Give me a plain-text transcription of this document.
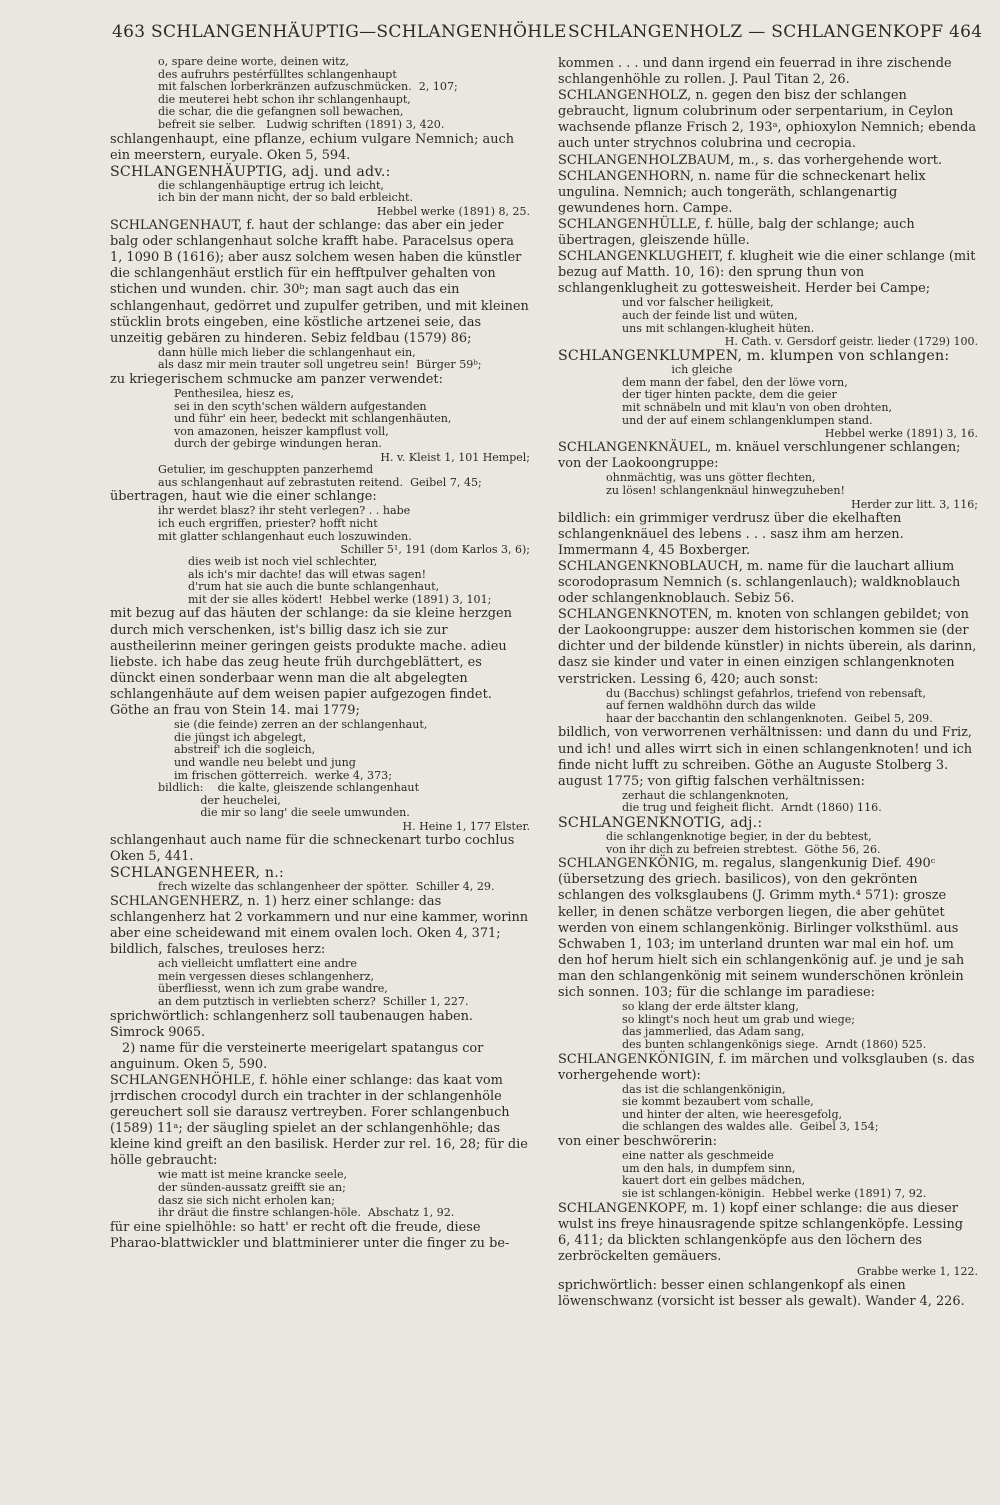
463 SCHLANGENHÄUPTIG—SCHLANGENHÖHLE SCHLANGENHOLZ — SCHLANGENKOPF 464
o, spare deine worte, deinen witz,
des aufruhrs pestérfülltes schlangenhaupt
mit falschen lorberkränzen aufzuschmücken.  2, 107;
die meuterei hebt schon ihr schlangenhaupt,
die schar, die die gefangnen soll bewachen,
befreit sie selber.   Ludwig schriften (1891) 3, 420.

schlangenhaupt, eine pflanze, echium vulgare Nemnich; auch ein meerstern, euryale. Oken 5, 594.

SCHLANGENHÄUPTIG, adj. und adv.:

die schlangenhäuptige ertrug ich leicht,
ich bin der mann nicht, der so bald erbleicht.

Hebbel werke (1891) 8, 25.

SCHLANGENHAUT, f. haut der schlange: das aber ein jeder balg oder schlangenhaut solche krafft habe. Paracelsus opera 1, 1090 B (1616); aber ausz solchem wesen haben die künstler die schlangenhäut erstlich für ein hefftpulver gehalten von stichen und wunden. chir. 30ᵇ; man sagt auch das ein schlangenhaut, gedörret und zupulfer getriben, und mit kleinen stücklin brots eingeben, eine köstliche artzenei seie, das unzeitig gebären zu hinderen. Sebiz feldbau (1579) 86;

dann hülle mich lieber die schlangenhaut ein,
als dasz mir mein trauter soll ungetreu sein!  Bürger 59ᵇ;

zu kriegerischem schmucke am panzer verwendet:

Penthesilea, hiesz es,
sei in den scyth'schen wäldern aufgestanden
und führ' ein heer, bedeckt mit schlangenhäuten,
von amazonen, heiszer kampflust voll,
durch der gebirge windungen heran.

H. v. Kleist 1, 101 Hempel;

Getulier, im geschuppten panzerhemd
aus schlangenhaut auf zebrastuten reitend.  Geibel 7, 45;

übertragen, haut wie die einer schlange:

ihr werdet blasz? ihr steht verlegen? . . habe
ich euch ergriffen, priester? hofft nicht
mit glatter schlangenhaut euch loszuwinden.

Schiller 5¹, 191 (dom Karlos 3, 6);

dies weib ist noch viel schlechter,
als ich's mir dachte! das will etwas sagen!
d'rum hat sie auch die bunte schlangenhaut,
mit der sie alles ködert!  Hebbel werke (1891) 3, 101;

mit bezug auf das häuten der schlange: da sie kleine herzgen durch mich verschenken, ist's billig dasz ich sie zur austheilerinn meiner geringen geists produkte mache. adieu liebste. ich habe das zeug heute früh durchgeblättert, es dünckt einen sonderbaar wenn man die alt abgelegten schlangenhäute auf dem weisen papier aufgezogen findet. Göthe an frau von Stein 14. mai 1779;

sie (die feinde) zerren an der schlangenhaut,
die jüngst ich abgelegt,
abstreif' ich die sogleich,
und wandle neu belebt und jung
im frischen götterreich.  werke 4, 373;
bildlich:    die kalte, gleiszende schlangenhaut
der heuchelei,
die mir so lang' die seele umwunden.

H. Heine 1, 177 Elster.

schlangenhaut auch name für die schneckenart turbo cochlus Oken 5, 441.

SCHLANGENHEER, n.:

frech wizelte das schlangenheer der spötter.  Schiller 4, 29.

SCHLANGENHERZ, n. 1) herz einer schlange: das schlangenherz hat 2 vorkammern und nur eine kammer, worinn aber eine scheidewand mit einem ovalen loch. Oken 4, 371; bildlich, falsches, treuloses herz:

ach vielleicht umflattert eine andre
mein vergessen dieses schlangenherz,
überfliesst, wenn ich zum grabe wandre,
an dem putztisch in verliebten scherz?  Schiller 1, 227.

sprichwörtlich: schlangenherz soll taubenaugen haben. Simrock 9065.

2) name für die versteinerte meerigelart spatangus cor anguinum. Oken 5, 590.

SCHLANGENHÖHLE, f. höhle einer schlange: das kaat vom jrrdischen crocodyl durch ein trachter in der schlangenhöle gereuchert soll sie darausz vertreyben. Forer schlangenbuch (1589) 11ᵃ; der säugling spielet an der schlangenhöhle; das kleine kind greift an den basilisk. Herder zur rel. 16, 28; für die hölle gebraucht:

wie matt ist meine krancke seele,
der sünden-aussatz greifft sie an;
dasz sie sich nicht erholen kan;
ihr dräut die finstre schlangen-höle.  Abschatz 1, 92.

für eine spielhöhle: so hatt' er recht oft die freude, diese Pharao-blattwickler und blattminierer unter die finger zu be-

kommen . . . und dann irgend ein feuerrad in ihre zischende schlangenhöhle zu rollen. J. Paul Titan 2, 26.

SCHLANGENHOLZ, n. gegen den bisz der schlangen gebraucht, lignum colubrinum oder serpentarium, in Ceylon wachsende pflanze Frisch 2, 193ᵃ, ophioxylon Nemnich; ebenda auch unter strychnos colubrina und cecropia.

SCHLANGENHOLZBAUM, m., s. das vorhergehende wort.

SCHLANGENHORN, n. name für die schneckenart helix ungulina. Nemnich; auch tongeräth, schlangenartig gewundenes horn. Campe.

SCHLANGENHÜLLE, f. hülle, balg der schlange; auch übertragen, gleiszende hülle.

SCHLANGENKLUGHEIT, f. klugheit wie die einer schlange (mit bezug auf Matth. 10, 16): den sprung thun von schlangenklugheit zu gottesweisheit. Herder bei Campe;

und vor falscher heiligkeit,
auch der feinde list und wüten,
uns mit schlangen-klugheit hüten.

H. Cath. v. Gersdorf geistr. lieder (1729) 100.

SCHLANGENKLUMPEN, m. klumpen von schlangen:

ich gleiche
dem mann der fabel, den der löwe vorn,
der tiger hinten packte, dem die geier
mit schnäbeln und mit klau'n von oben drohten,
und der auf einem schlangenklumpen stand.

Hebbel werke (1891) 3, 16.

SCHLANGENKNÄUEL, m. knäuel verschlungener schlangen; von der Laokoongruppe:

ohnmächtig, was uns götter flechten,
zu lösen! schlangenknäul hinwegzuheben!

Herder zur litt. 3, 116;

bildlich: ein grimmiger verdrusz über die ekelhaften schlangenknäuel des lebens . . . sasz ihm am herzen. Immermann 4, 45 Boxberger.

SCHLANGENKNOBLAUCH, m. name für die lauchart allium scorodoprasum Nemnich (s. schlangenlauch); waldknoblauch oder schlangenknoblauch. Sebiz 56.

SCHLANGENKNOTEN, m. knoten von schlangen gebildet; von der Laokoongruppe: auszer dem historischen kommen sie (der dichter und der bildende künstler) in nichts überein, als darinn, dasz sie kinder und vater in einen einzigen schlangenknoten verstricken. Lessing 6, 420; auch sonst:

du (Bacchus) schlingst gefahrlos, triefend von rebensaft,
auf fernen waldhöhn durch das wilde
haar der bacchantin den schlangenknoten.  Geibel 5, 209.

bildlich, von verworrenen verhältnissen: und dann du und Friz, und ich! und alles wirrt sich in einen schlangenknoten! und ich finde nicht lufft zu schreiben. Göthe an Auguste Stolberg 3. august 1775; von giftig falschen verhältnissen:

zerhaut die schlangenknoten,
die trug und feigheit flicht.  Arndt (1860) 116.

SCHLANGENKNOTIG, adj.:

die schlangenknotige begier, in der du bebtest,
von ihr dich zu befreien strebtest.  Göthe 56, 26.

SCHLANGENKÖNIG, m. regalus, slangenkunig Dief. 490ᶜ (übersetzung des griech. basilicos), von den gekrönten schlangen des volksglaubens (J. Grimm myth.⁴ 571): grosze keller, in denen schätze verborgen liegen, die aber gehütet werden von einem schlangenkönig. Birlinger volksthüml. aus Schwaben 1, 103; im unterland drunten war mal ein hof. um den hof herum hielt sich ein schlangenkönig auf. je und je sah man den schlangenkönig mit seinem wunderschönen krönlein sich sonnen. 103; für die schlange im paradiese:

so klang der erde ältster klang,
so klingt's noch heut um grab und wiege;
das jammerlied, das Adam sang,
des bunten schlangenkönigs siege.  Arndt (1860) 525.

SCHLANGENKÖNIGIN, f. im märchen und volksglauben (s. das vorhergehende wort):

das ist die schlangenkönigin,
sie kommt bezaubert vom schalle,
und hinter der alten, wie heeresgefolg,
die schlangen des waldes alle.  Geibel 3, 154;

von einer beschwörerin:

eine natter als geschmeide
um den hals, in dumpfem sinn,
kauert dort ein gelbes mädchen,
sie ist schlangen-königin.  Hebbel werke (1891) 7, 92.

SCHLANGENKOPF, m. 1) kopf einer schlange: die aus dieser wulst ins freye hinausragende spitze schlangenköpfe. Lessing 6, 411; da blickten schlangenköpfe aus den löchern des zerbröckelten gemäuers.

Grabbe werke 1, 122.

sprichwörtlich: besser einen schlangenkopf als einen löwenschwanz (vorsicht ist besser als gewalt). Wander 4, 226.
